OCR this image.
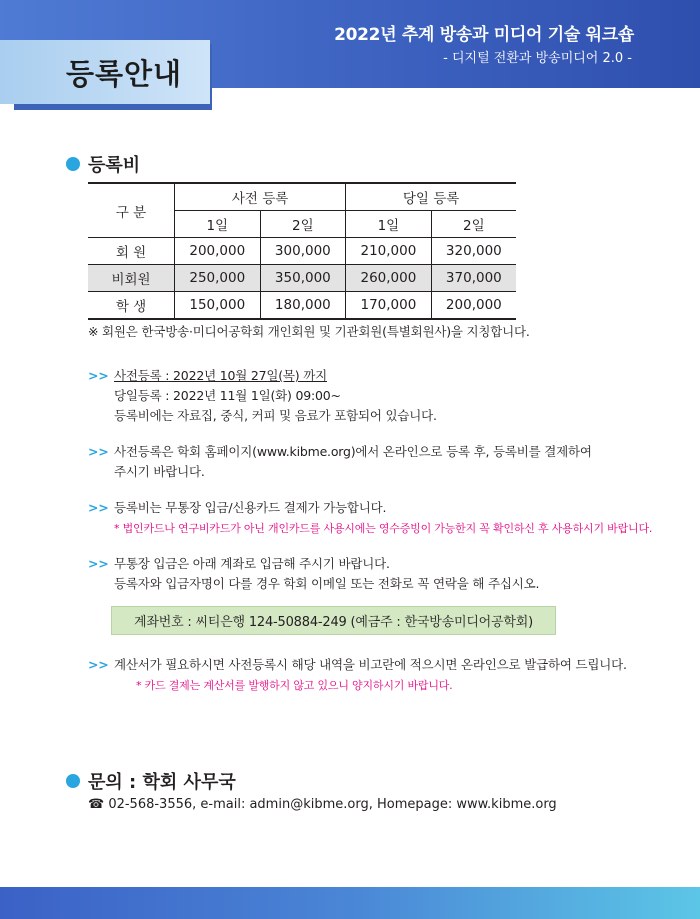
2022년 추계 방송과 미디어 기술 워크숍
- 디지털 전환과 방송미디어 2.0 -
등록안내
등록비
구 분	사전 등록		당일 등록	
	1일	2일	1일	2일
회 원	200,000	300,000	210,000	320,000
비회원	250,000	350,000	260,000	370,000
학 생	150,000	180,000	170,000	200,000
※ 회원은 한국방송·미디어공학회 개인회원 및 기관회원(특별회원사)을 지칭합니다.
>> 사전등록 : 2022년 10월 27일(목) 까지
당일등록 : 2022년 11월 1일(화) 09:00~
등록비에는 자료집, 중식, 커피 및 음료가 포함되어 있습니다.
>> 사전등록은 학회 홈페이지(www.kibme.org)에서 온라인으로 등록 후, 등록비를 결제하여
주시기 바랍니다.
>> 등록비는 무통장 입금/신용카드 결제가 가능합니다.
* 법인카드나 연구비카드가 아닌 개인카드를 사용시에는 영수증빙이 가능한지 꼭 확인하신 후 사용하시기 바랍니다.
>> 무통장 입금은 아래 계좌로 입금해 주시기 바랍니다.
등록자와 입금자명이 다를 경우 학회 이메일 또는 전화로 꼭 연락을 해 주십시오.
계좌번호 : 씨티은행 124-50884-249 (예금주 : 한국방송미디어공학회)
>> 계산서가 필요하시면 사전등록시 해당 내역을 비고란에 적으시면 온라인으로 발급하여 드립니다.
* 카드 결제는 계산서를 발행하지 않고 있으니 양지하시기 바랍니다.
문의 : 학회 사무국
☎ 02-568-3556, e-mail: admin@kibme.org, Homepage: www.kibme.org
